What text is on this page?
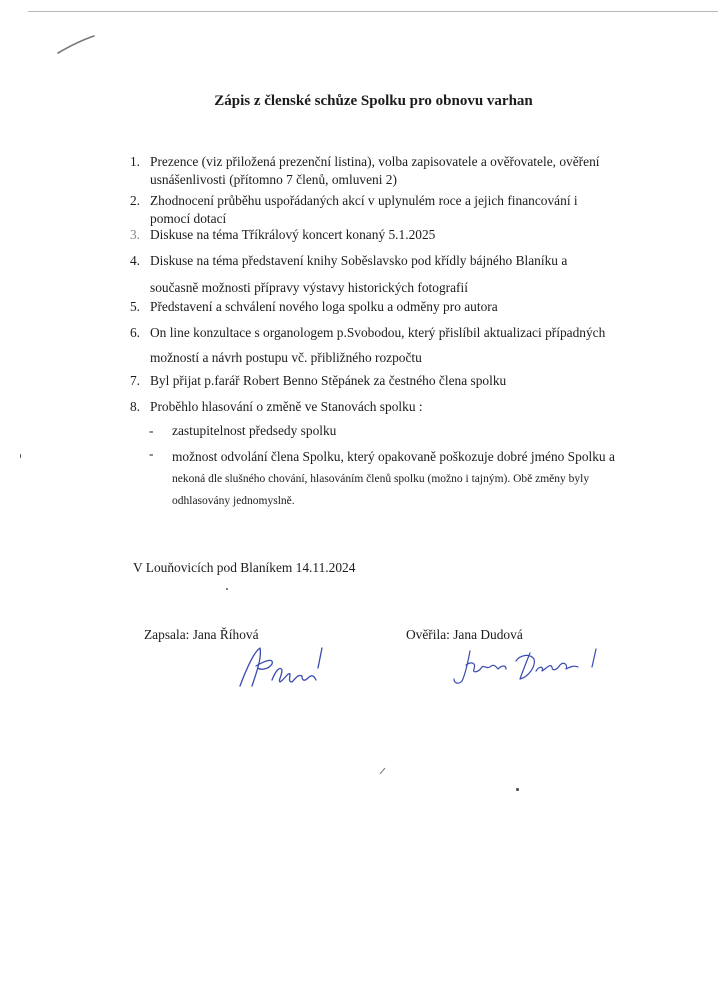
Zápis z členské schůze Spolku pro obnovu varhan
1. Prezence (viz přiložená prezenční listina), volba zapisovatele a ověřovatele, ověření
usnášenlivosti (přítomno 7 členů, omluveni 2)
2. Zhodnocení průběhu uspořádaných akcí v uplynulém roce a jejich financování i
pomocí dotací
3. Diskuse na téma Tříkrálový koncert konaný 5.1.2025
4. Diskuse na téma představení knihy Soběslavsko pod křídly bájného Blaníku a
současně možnosti přípravy výstavy historických fotografií
5. Představení a schválení nového loga spolku a odměny pro autora
6. On line konzultace s organologem p.Svobodou, který přislíbil aktualizaci případných
možností a návrh postupu vč. přibližného rozpočtu
7. Byl přijat p.farář Robert Benno Stěpánek za čestného člena spolku
8. Proběhlo hlasování o změně ve Stanovách spolku :
- zastupitelnost předsedy spolku
- možnost odvolání člena Spolku, který opakovaně poškozuje dobré jméno Spolku a
nekoná dle slušného chování, hlasováním členů spolku (možno i tajným). Obě změny byly
odhlasovány jednomyslně.
V Louňovicích pod Blaníkem 14.11.2024
Zapsala: Jana Říhová	Ověřila: Jana Dudová
